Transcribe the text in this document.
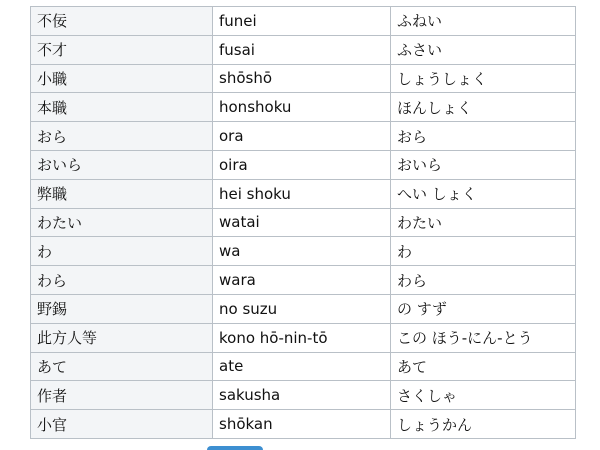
不佞	funei	ふねい
不才	fusai	ふさい
小職	shōshō	しょうしょく
本職	honshoku	ほんしょく
おら	ora	おら
おいら	oira	おいら
弊職	hei shoku	へい しょく
わたい	watai	わたい
わ	wa	わ
わら	wara	わら
野錫	no suzu	の すず
此方人等	kono hō-nin-tō	この ほう-にん-とう
あて	ate	あて
作者	sakusha	さくしゃ
小官	shōkan	しょうかん
